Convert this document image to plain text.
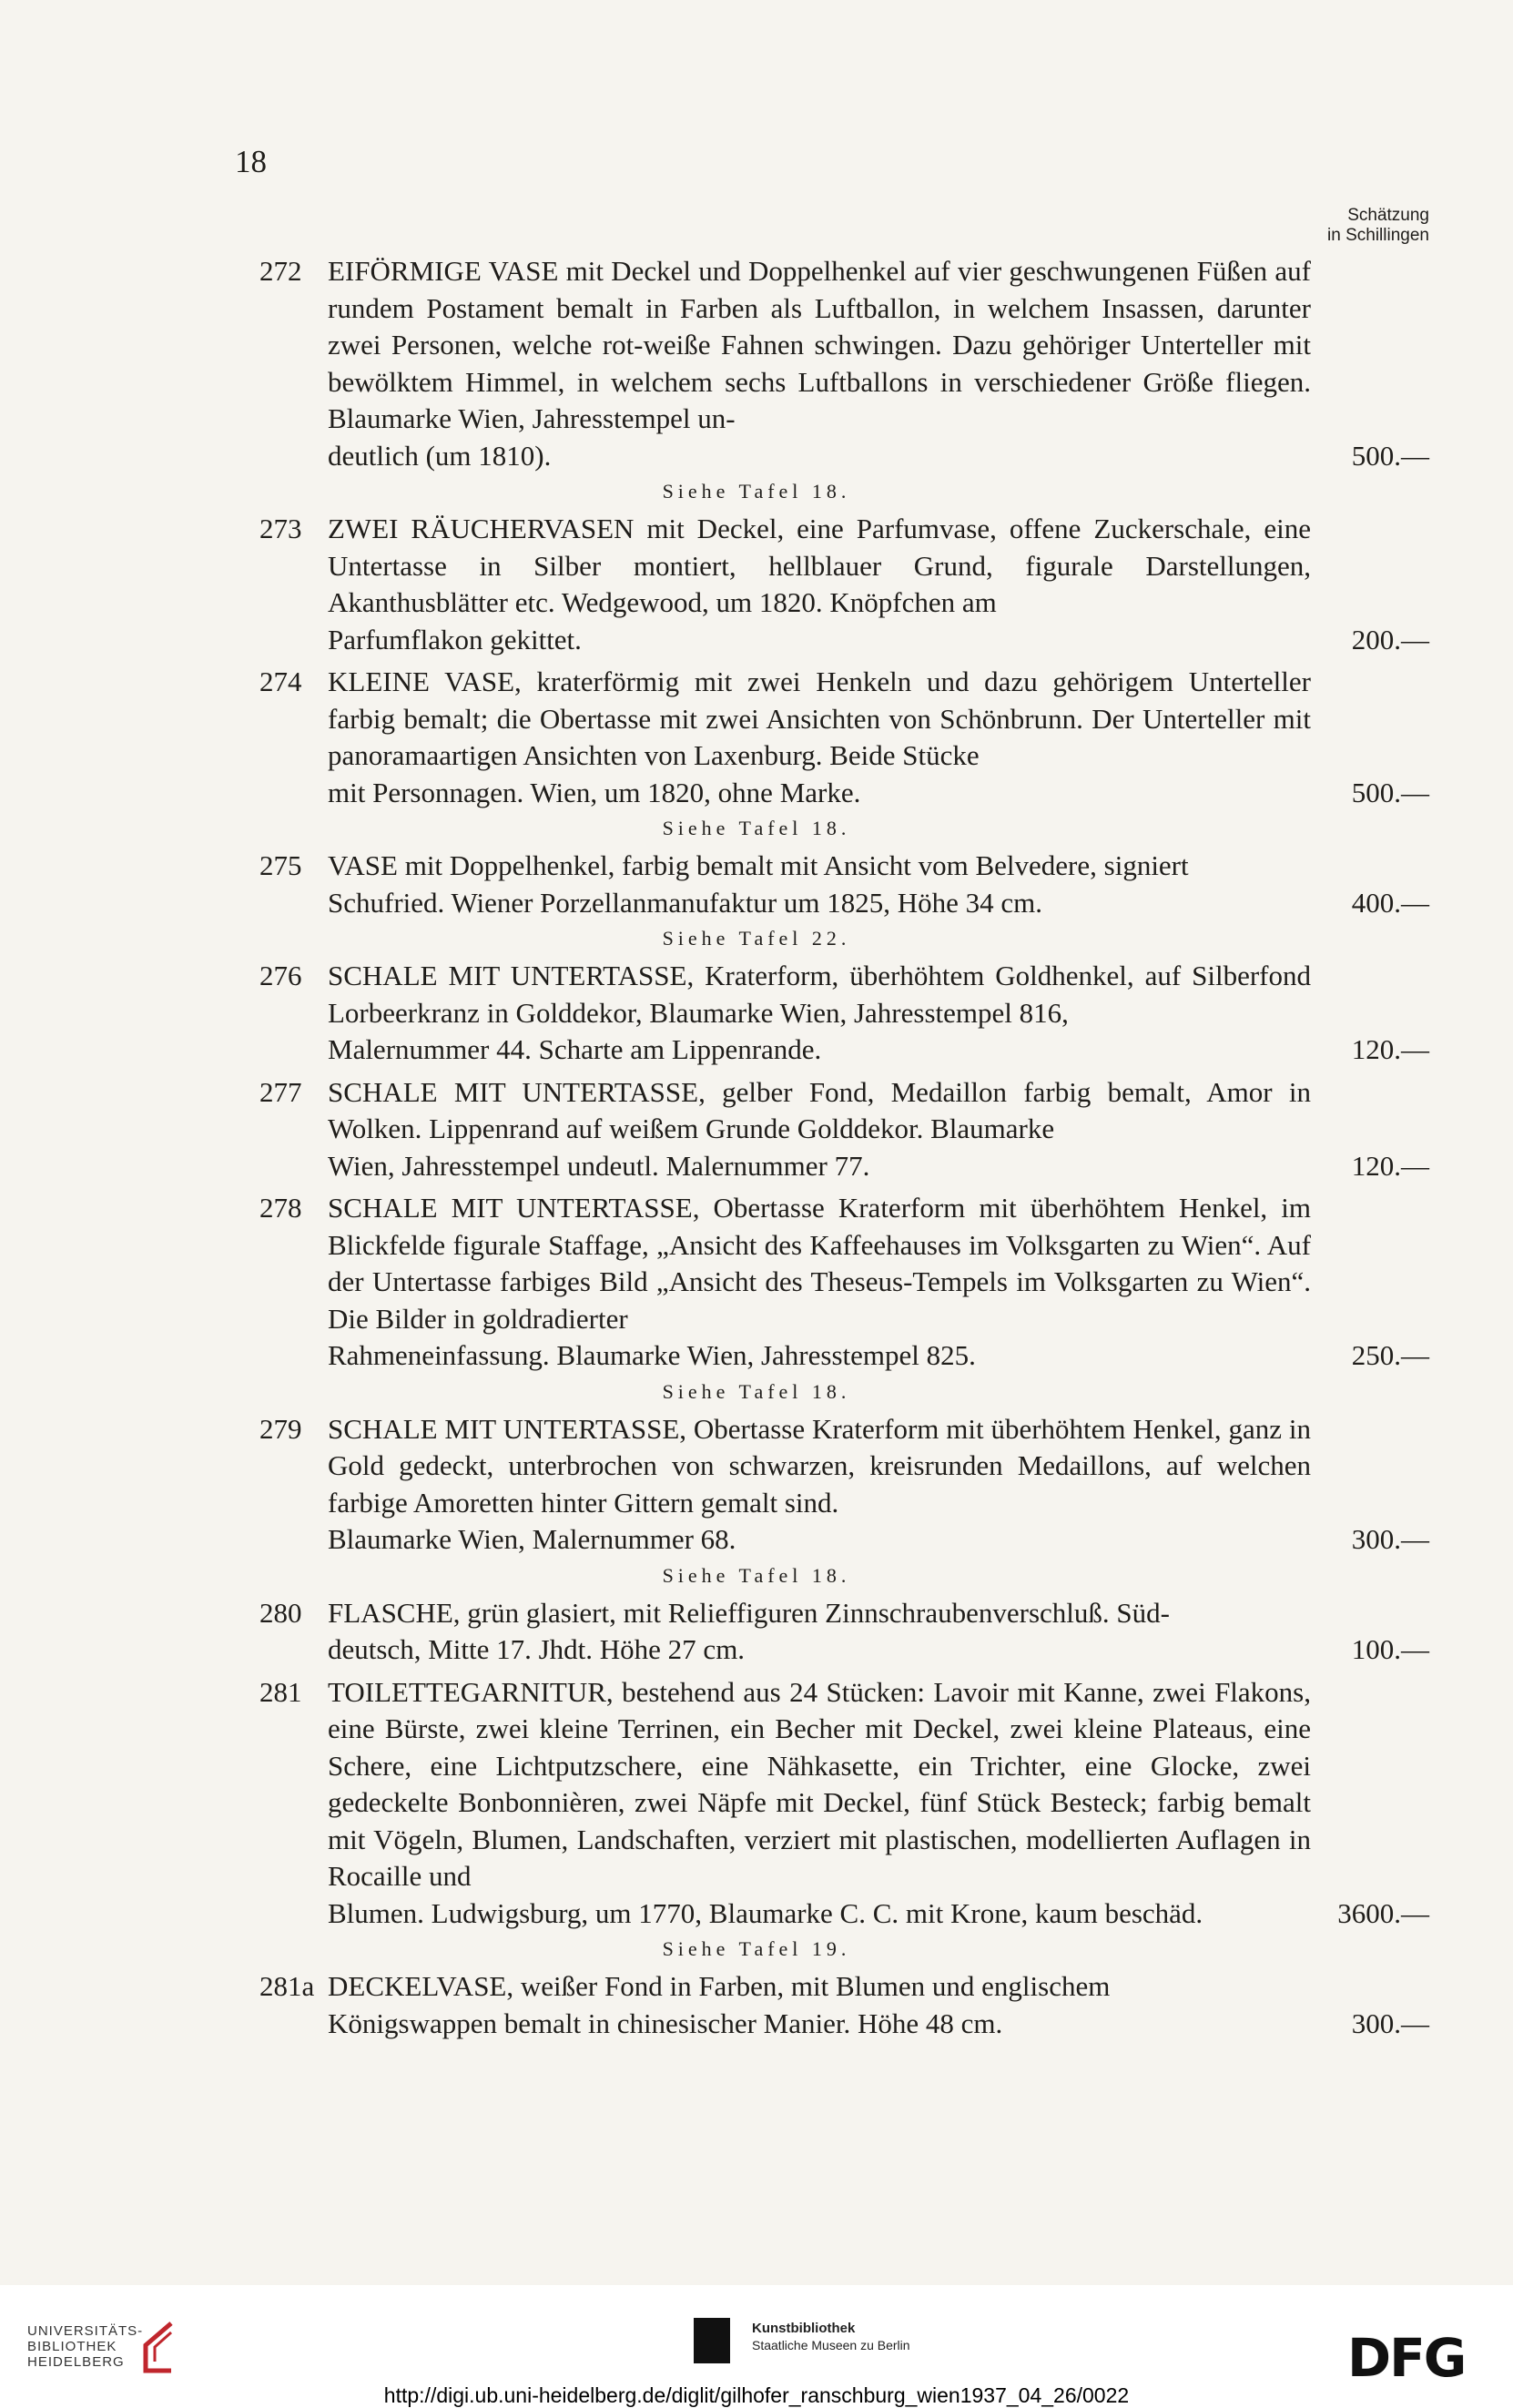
18
Schätzung
in Schillingen
272 EIFÖRMIGE VASE mit Deckel und Doppelhenkel auf vier geschwungenen Füßen auf rundem Postament bemalt in Farben als Luftballon, in welchem Insassen, darunter zwei Personen, welche rot-weiße Fahnen schwingen. Dazu gehöriger Unterteller mit bewölktem Himmel, in welchem sechs Luftballons in verschiedener Größe fliegen. Blaumarke Wien, Jahresstempel un-
deutlich (um 1810).	500.—
Siehe Tafel 18.
273 ZWEI RÄUCHERVASEN mit Deckel, eine Parfumvase, offene Zuckerschale, eine Untertasse in Silber montiert, hellblauer Grund, figurale Darstellungen, Akanthusblätter etc. Wedgewood, um 1820. Knöpfchen am
Parfumflakon gekittet.	200.—
274 KLEINE VASE, kraterförmig mit zwei Henkeln und dazu gehörigem Unterteller farbig bemalt; die Obertasse mit zwei Ansichten von Schönbrunn. Der Unterteller mit panoramaartigen Ansichten von Laxenburg. Beide Stücke
mit Personnagen. Wien, um 1820, ohne Marke.	500.—
Siehe Tafel 18.
275 VASE mit Doppelhenkel, farbig bemalt mit Ansicht vom Belvedere, signiert
Schufried. Wiener Porzellanmanufaktur um 1825, Höhe 34 cm.	400.—
Siehe Tafel 22.
276 SCHALE MIT UNTERTASSE, Kraterform, überhöhtem Goldhenkel, auf Silberfond Lorbeerkranz in Golddekor, Blaumarke Wien, Jahresstempel 816,
Malernummer 44. Scharte am Lippenrande.	120.—
277 SCHALE MIT UNTERTASSE, gelber Fond, Medaillon farbig bemalt, Amor in Wolken. Lippenrand auf weißem Grunde Golddekor. Blaumarke
Wien, Jahresstempel undeutl. Malernummer 77.	120.—
278 SCHALE MIT UNTERTASSE, Obertasse Kraterform mit überhöhtem Henkel, im Blickfelde figurale Staffage, „Ansicht des Kaffeehauses im Volksgarten zu Wien“. Auf der Untertasse farbiges Bild „Ansicht des Theseus-Tempels im Volksgarten zu Wien“. Die Bilder in goldradierter
Rahmeneinfassung. Blaumarke Wien, Jahresstempel 825.	250.—
Siehe Tafel 18.
279 SCHALE MIT UNTERTASSE, Obertasse Kraterform mit überhöhtem Henkel, ganz in Gold gedeckt, unterbrochen von schwarzen, kreisrunden Medaillons, auf welchen farbige Amoretten hinter Gittern gemalt sind.
Blaumarke Wien, Malernummer 68.	300.—
Siehe Tafel 18.
280 FLASCHE, grün glasiert, mit Relieffiguren Zinnschraubenverschluß. Süd-
deutsch, Mitte 17. Jhdt. Höhe 27 cm.	100.—
281 TOILETTEGARNITUR, bestehend aus 24 Stücken: Lavoir mit Kanne, zwei Flakons, eine Bürste, zwei kleine Terrinen, ein Becher mit Deckel, zwei kleine Plateaus, eine Schere, eine Lichtputzschere, eine Nähkasette, ein Trichter, eine Glocke, zwei gedeckelte Bonbonnièren, zwei Näpfe mit Deckel, fünf Stück Besteck; farbig bemalt mit Vögeln, Blumen, Landschaften, verziert mit plastischen, modellierten Auflagen in Rocaille und
Blumen. Ludwigsburg, um 1770, Blaumarke C. C. mit Krone, kaum beschäd.	3600.—
Siehe Tafel 19.
281a DECKELVASE, weißer Fond in Farben, mit Blumen und englischem
Königswappen bemalt in chinesischer Manier. Höhe 48 cm.	300.—
UNIVERSITÄTS-
BIBLIOTHEK
HEIDELBERG
Kunstbibliothek
Staatliche Museen zu Berlin	DFG
http://digi.ub.uni-heidelberg.de/diglit/gilhofer_ranschburg_wien1937_04_26/0022
